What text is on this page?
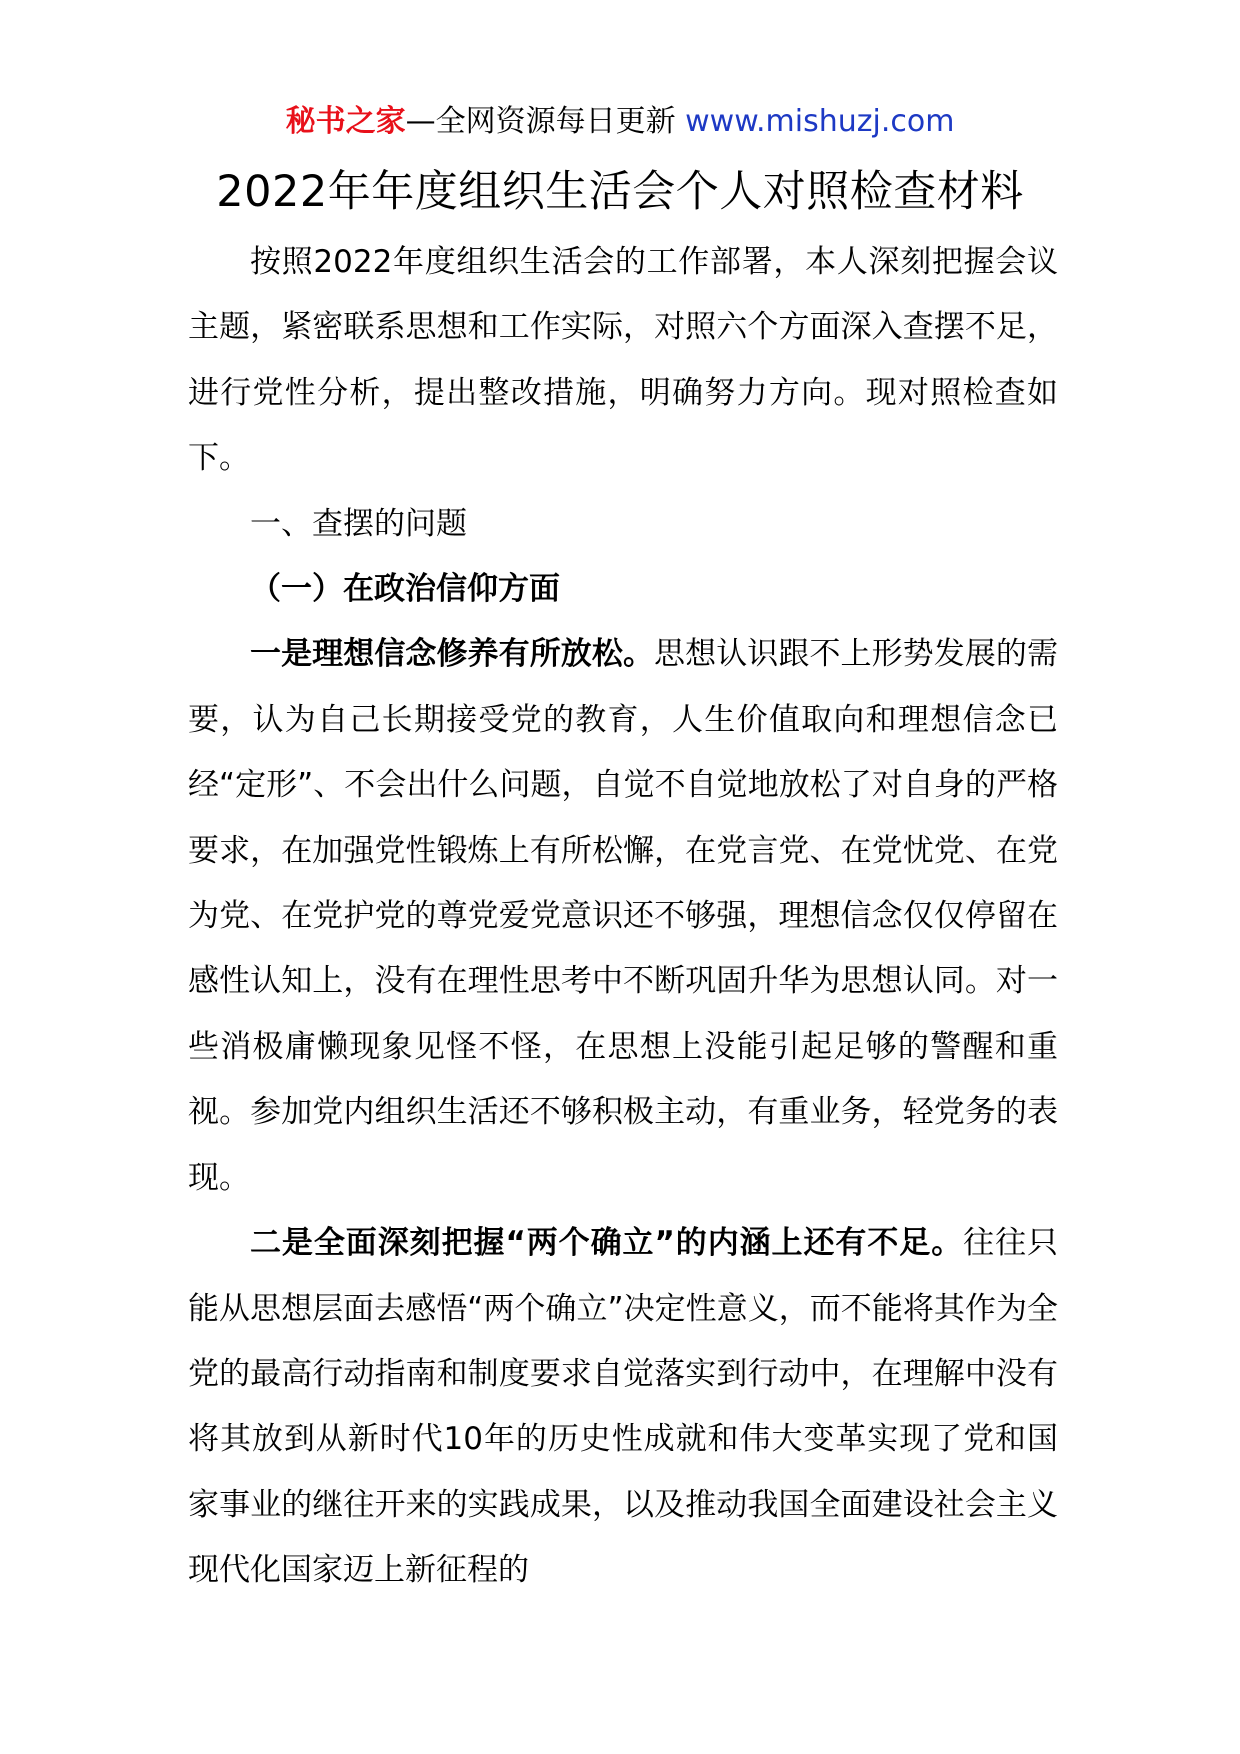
秘书之家—全网资源每日更新 www.mishuzj.com
2022年年度组织生活会个人对照检查材料

按照2022年度组织生活会的工作部署，本人深刻把握会议主题，紧密联系思想和工作实际，对照六个方面深入查摆不足，进行党性分析，提出整改措施，明确努力方向。现对照检查如下。

一、查摆的问题

（一）在政治信仰方面

一是理想信念修养有所放松。思想认识跟不上形势发展的需要，认为自己长期接受党的教育，人生价值取向和理想信念已经“定形”、不会出什么问题，自觉不自觉地放松了对自身的严格要求，在加强党性锻炼上有所松懈，在党言党、在党忧党、在党为党、在党护党的尊党爱党意识还不够强，理想信念仅仅停留在感性认知上，没有在理性思考中不断巩固升华为思想认同。对一些消极庸懒现象见怪不怪，在思想上没能引起足够的警醒和重视。参加党内组织生活还不够积极主动，有重业务，轻党务的表现。

二是全面深刻把握“两个确立”的内涵上还有不足。往往只能从思想层面去感悟“两个确立”决定性意义，而不能将其作为全党的最高行动指南和制度要求自觉落实到行动中，在理解中没有将其放到从新时代10年的历史性成就和伟大变革实现了党和国家事业的继往开来的实践成果，以及推动我国全面建设社会主义现代化国家迈上新征程的
